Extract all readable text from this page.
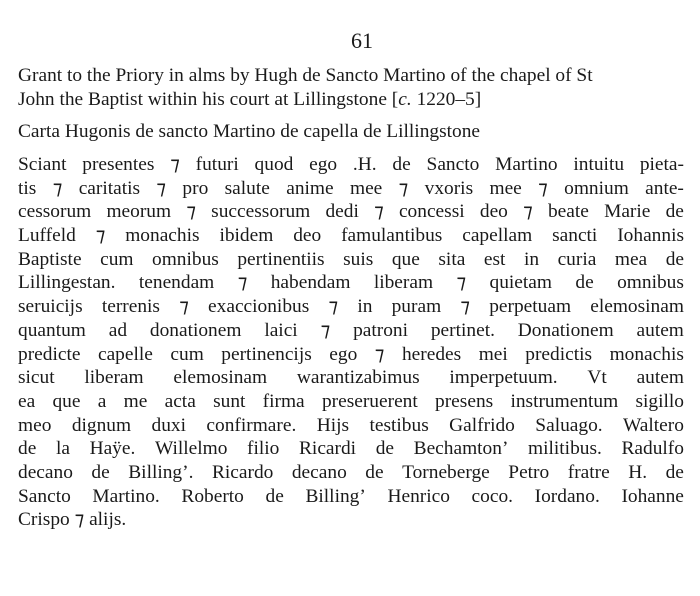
61
Grant to the Priory in alms by Hugh de Sancto Martino of the chapel of St
John the Baptist within his court at Lillingstone [c. 1220–5]
Carta Hugonis de sancto Martino de capella de Lillingstone
Sciant presentes ⁊ futuri quod ego .H. de Sancto Martino intuitu pieta-
tis ⁊ caritatis ⁊ pro salute anime mee ⁊ vxoris mee ⁊ omnium ante-
cessorum meorum ⁊ successorum dedi ⁊ concessi deo ⁊ beate Marie de
Luffeld ⁊ monachis ibidem deo famulantibus capellam sancti Iohannis
Baptiste cum omnibus pertinentiis suis que sita est in curia mea de
Lillingestan. tenendam ⁊ habendam liberam ⁊ quietam de omnibus
seruicijs terrenis ⁊ exaccionibus ⁊ in puram ⁊ perpetuam elemosinam
quantum ad donationem laici ⁊ patroni pertinet. Donationem autem
predicte capelle cum pertinencijs ego ⁊ heredes mei predictis monachis
sicut liberam elemosinam warantizabimus imperpetuum. Vt autem
ea que a me acta sunt firma preseruerent presens instrumentum sigillo
meo dignum duxi confirmare. Hijs testibus Galfrido Saluago. Waltero
de la Haÿe. Willelmo filio Ricardi de Bechamton’ militibus. Radulfo
decano de Billing’. Ricardo decano de Torneberge Petro fratre H. de
Sancto Martino. Roberto de Billing’ Henrico coco. Iordano. Iohanne
Crispo ⁊ alijs.
